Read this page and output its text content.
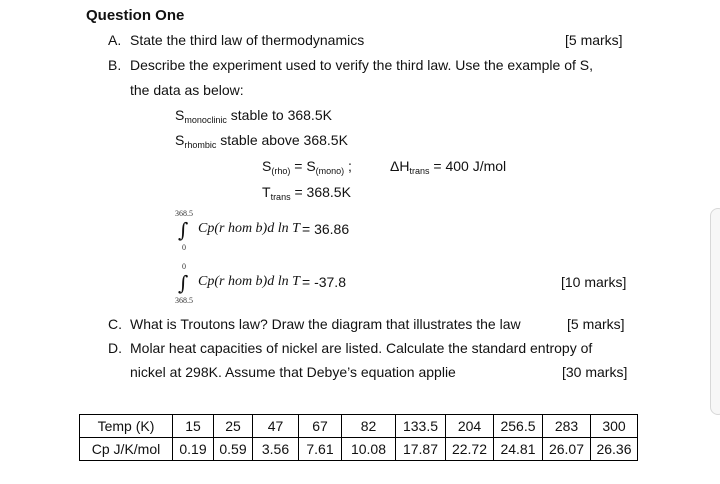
Question One
A. State the third law of thermodynamics	[5 marks]
B. Describe the experiment used to verify the third law. Use the example of S,
the data as below:
$S_{monoclinic}$ stable to 368.5K
$S_{rhombic}$ stable above 368.5K
$S_{(rho)} = S_{(mono)}$ ;	$\Delta H_{trans} = 400$ J/mol
$T_{trans} = 368.5K$
368.5
∫
0
Cp(r hom b)d ln T = 36.86
0
∫
368.5
Cp(r hom b)d ln T = -37.8	[10 marks]
C. What is Troutons law? Draw the diagram that illustrates the law	[5 marks]
D. Molar heat capacities of nickel are listed. Calculate the standard entropy of
nickel at 298K. Assume that Debye’s equation applie	[30 marks]
Temp (K)	15	25	47	67	82	133.5	204	256.5	283	300
Cp J/K/mol	0.19	0.59	3.56	7.61	10.08	17.87	22.72	24.81	26.07	26.36
